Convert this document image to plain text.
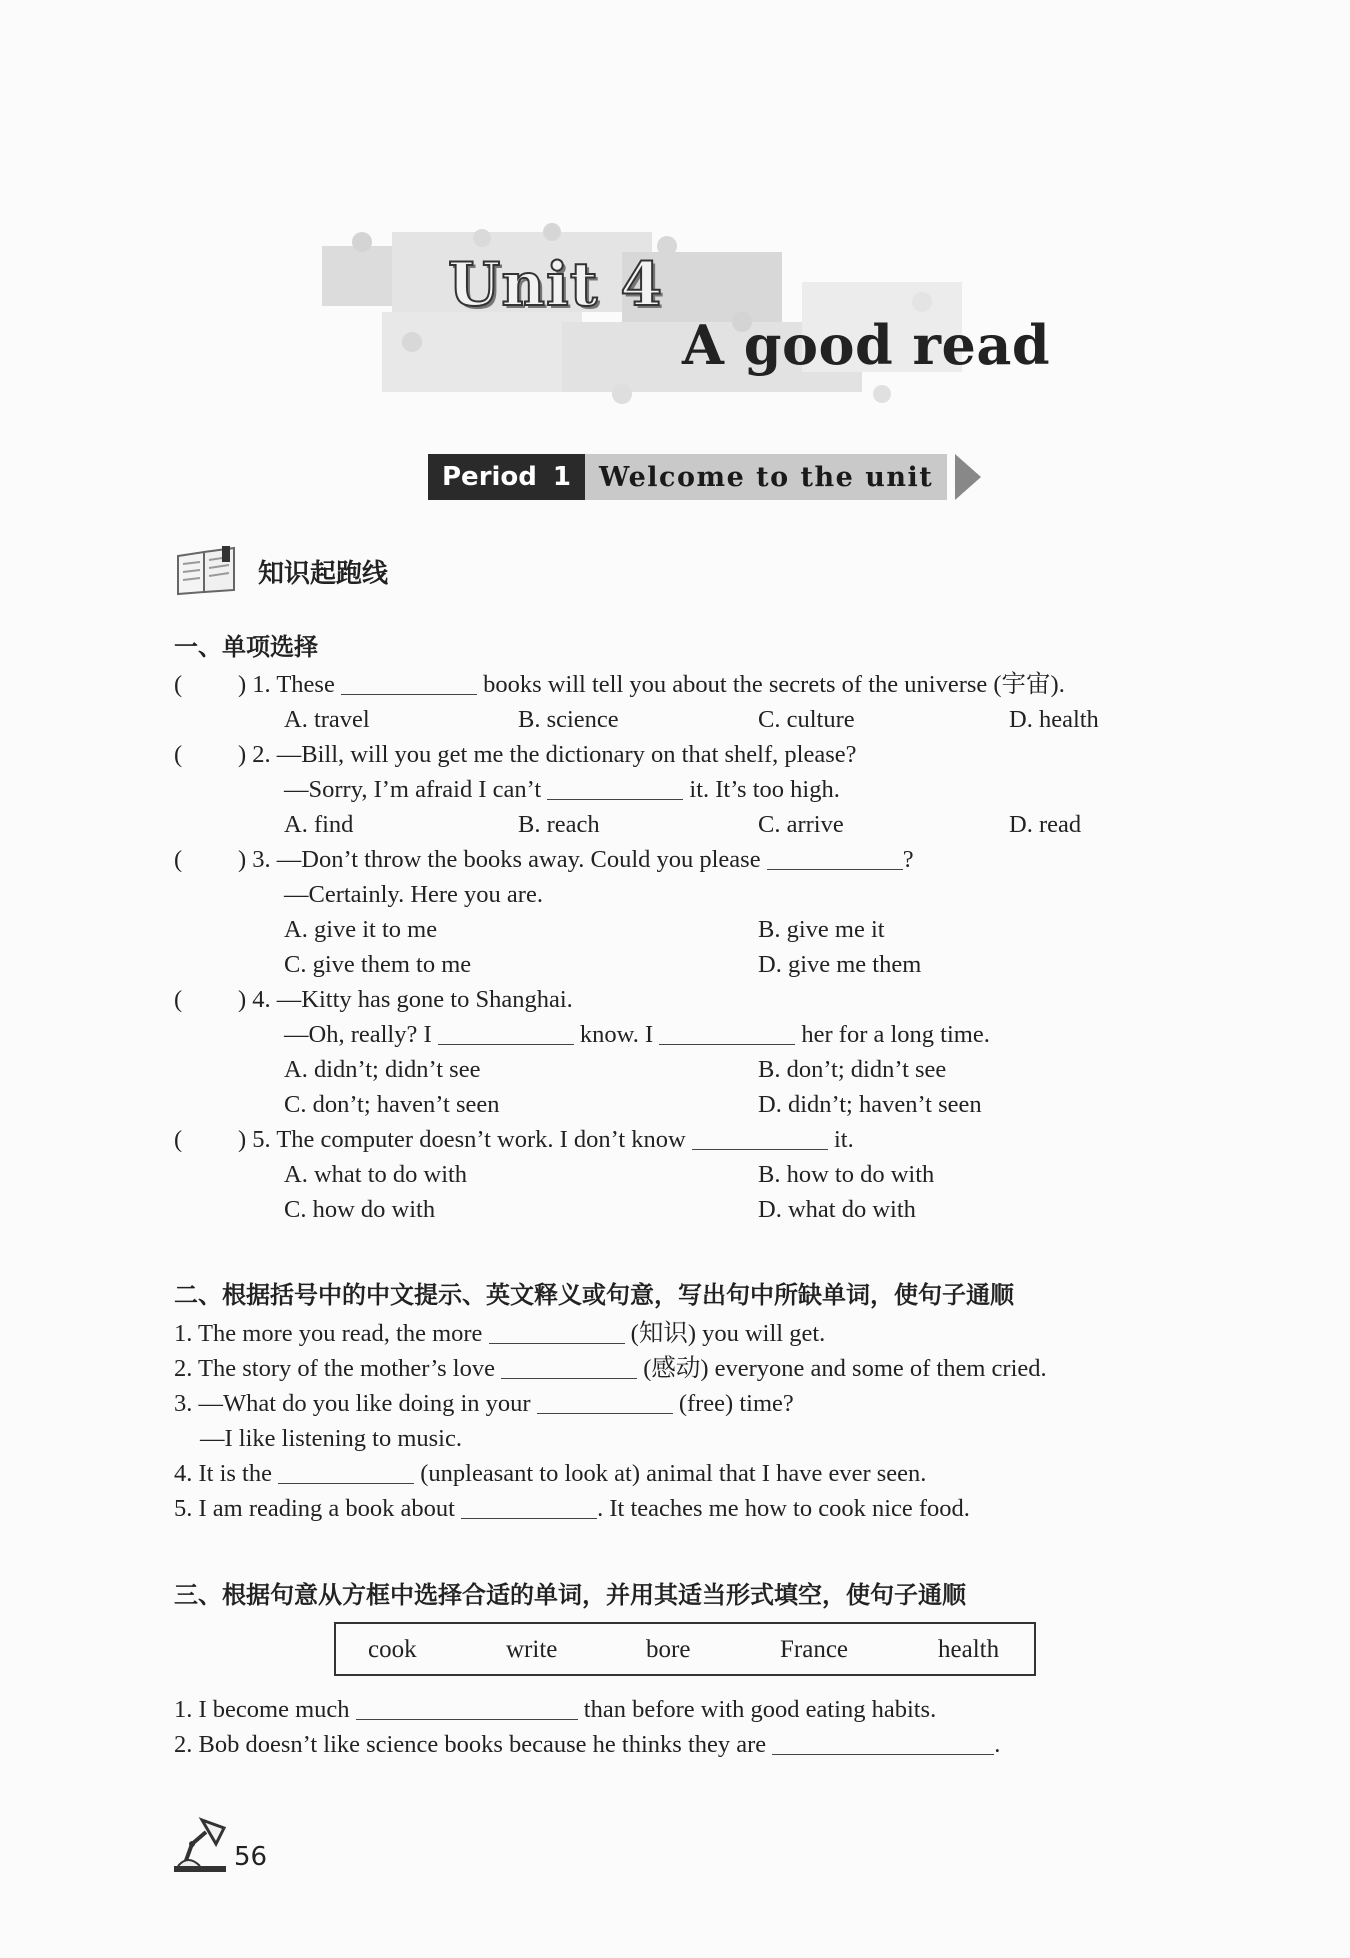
Unit 4
A good read
Period 1	Welcome to the unit
知识起跑线
一、单项选择
( ) 1. These	books will tell you about the secrets of the universe (宇宙).
A. travel	B. science	C. culture	D. health
( ) 2. —Bill, will you get me the dictionary on that shelf, please?
—Sorry, I’m afraid I can’t	it. It’s too high.
A. find	B. reach	C. arrive	D. read
( ) 3. —Don’t throw the books away. Could you please	?
—Certainly. Here you are.
A. give it to me	B. give me it
C. give them to me	D. give me them
( ) 4. —Kitty has gone to Shanghai.
—Oh, really? I	know. I	her for a long time.
A. didn’t; didn’t see	B. don’t; didn’t see
C. don’t; haven’t seen	D. didn’t; haven’t seen
( ) 5. The computer doesn’t work. I don’t know	it.
A. what to do with	B. how to do with
C. how do with	D. what do with
二、根据括号中的中文提示、英文释义或句意，写出句中所缺单词，使句子通顺
1. The more you read, the more	(知识) you will get.
2. The story of the mother’s love	(感动) everyone and some of them cried.
3. —What do you like doing in your	(free) time?
—I like listening to music.
4. It is the	(unpleasant to look at) animal that I have ever seen.
5. I am reading a book about	. It teaches me how to cook nice food.
三、根据句意从方框中选择合适的单词，并用其适当形式填空，使句子通顺
cook	write	bore	France	health
1. I become much	than before with good eating habits.
2. Bob doesn’t like science books because he thinks they are	.
56
